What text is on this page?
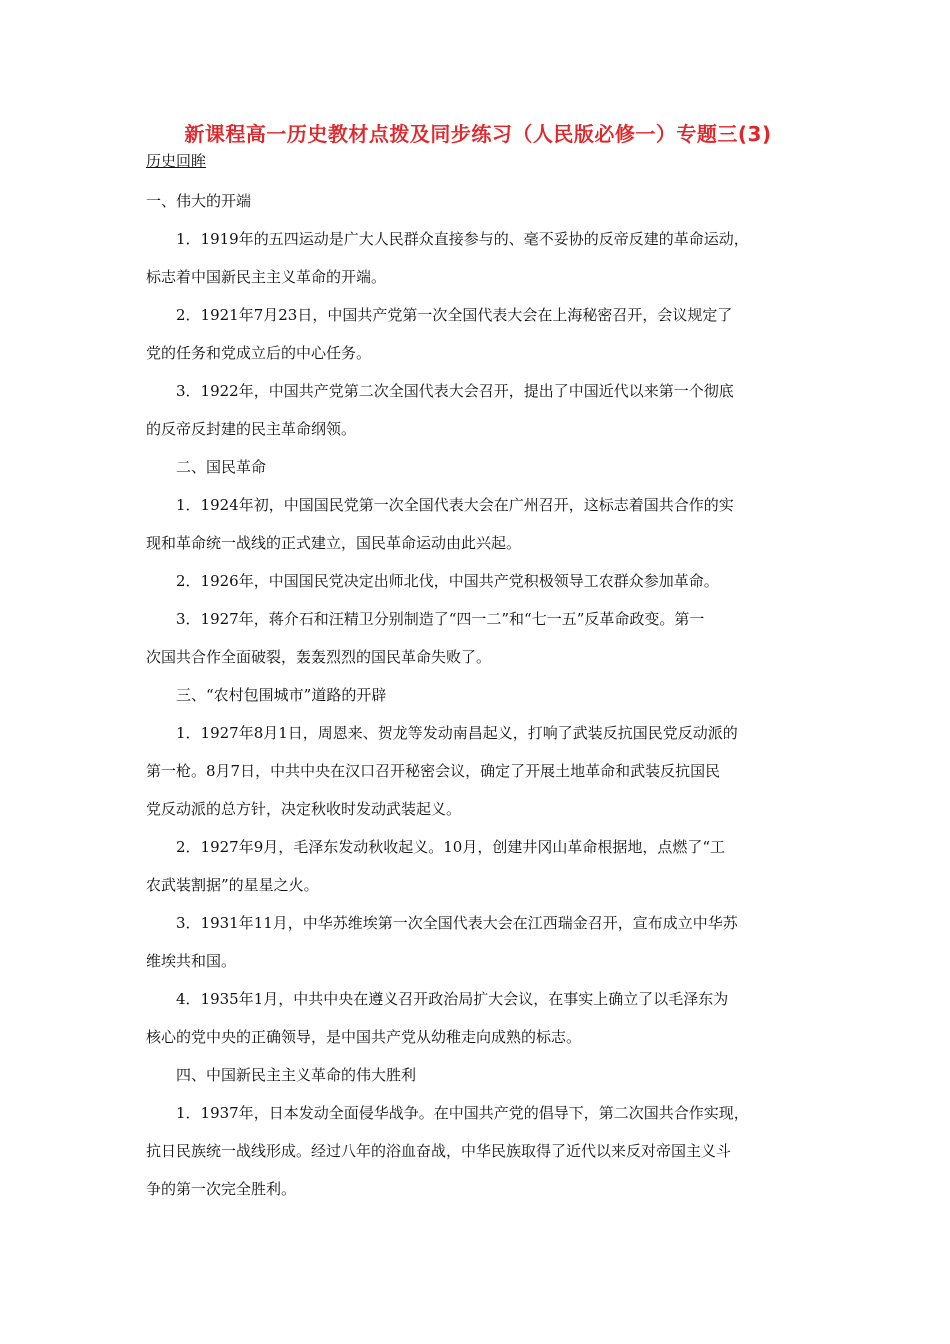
新课程高一历史教材点拨及同步练习（人民版必修一）专题三(3)
历史回眸

一、伟大的开端

1．1919年的五四运动是广大人民群众直接参与的、毫不妥协的反帝反建的革命运动，

标志着中国新民主主义革命的开端。

2．1921年7月23日，中国共产党第一次全国代表大会在上海秘密召开，会议规定了

党的任务和党成立后的中心任务。

3．1922年，中国共产党第二次全国代表大会召开，提出了中国近代以来第一个彻底

的反帝反封建的民主革命纲领。

二、国民革命

1．1924年初，中国国民党第一次全国代表大会在广州召开，这标志着国共合作的实

现和革命统一战线的正式建立，国民革命运动由此兴起。

2．1926年，中国国民党决定出师北伐，中国共产党积极领导工农群众参加革命。

3．1927年，蒋介石和汪精卫分别制造了“四一二”和“七一五”反革命政变。第一

次国共合作全面破裂，轰轰烈烈的国民革命失败了。

三、“农村包围城市”道路的开辟

1．1927年8月1日，周恩来、贺龙等发动南昌起义，打响了武装反抗国民党反动派的

第一枪。8月7日，中共中央在汉口召开秘密会议，确定了开展土地革命和武装反抗国民

党反动派的总方针，决定秋收时发动武装起义。

2．1927年9月，毛泽东发动秋收起义。10月，创建井冈山革命根据地，点燃了“工

农武装割据”的星星之火。

3．1931年11月，中华苏维埃第一次全国代表大会在江西瑞金召开，宣布成立中华苏

维埃共和国。

4．1935年1月，中共中央在遵义召开政治局扩大会议，在事实上确立了以毛泽东为

核心的党中央的正确领导，是中国共产党从幼稚走向成熟的标志。

四、中国新民主主义革命的伟大胜利

1．1937年，日本发动全面侵华战争。在中国共产党的倡导下，第二次国共合作实现，

抗日民族统一战线形成。经过八年的浴血奋战，中华民族取得了近代以来反对帝国主义斗

争的第一次完全胜利。
